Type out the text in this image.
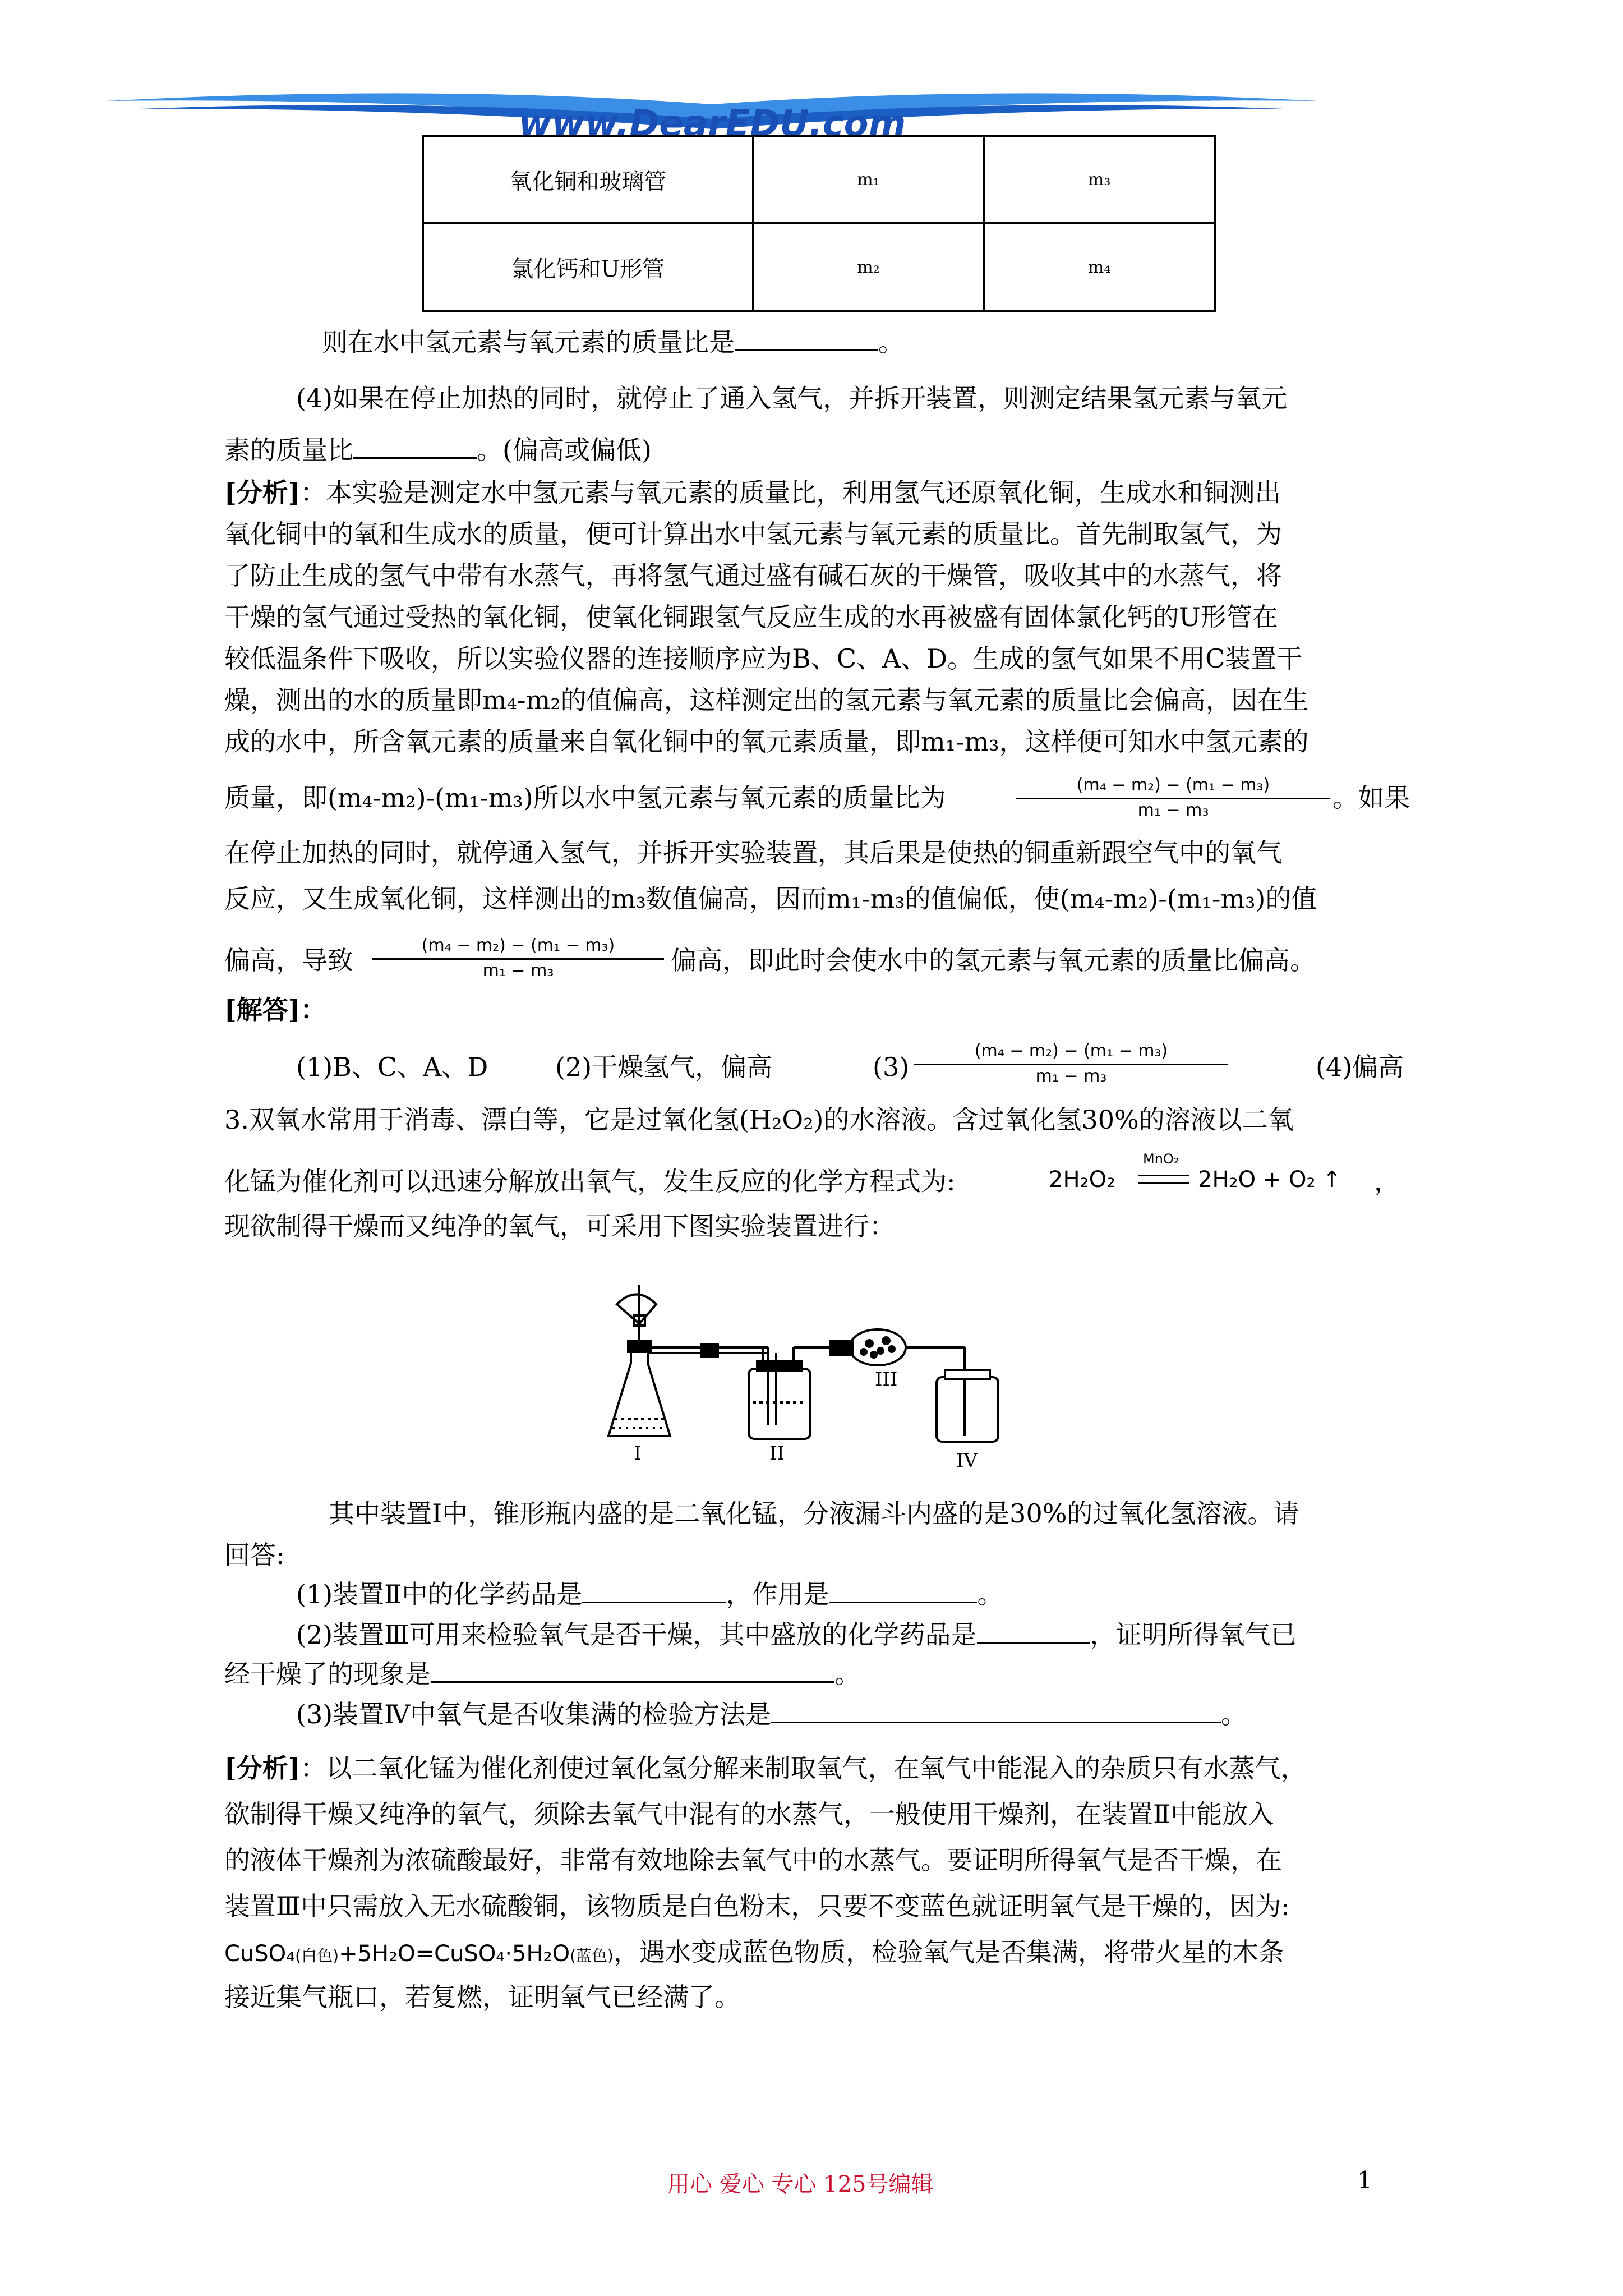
www.DearEDU.com
氧化铜和玻璃管	m₁	m₃
氯化钙和U形管	m₂	m₄
则在水中氢元素与氧元素的质量比是	。
(4)如果在停止加热的同时，就停止了通入氢气，并拆开装置，则测定结果氢元素与氧元
素的质量比	。(偏高或偏低)
[分析]：本实验是测定水中氢元素与氧元素的质量比，利用氢气还原氧化铜，生成水和铜测出
氧化铜中的氧和生成水的质量，便可计算出水中氢元素与氧元素的质量比。首先制取氢气，为
了防止生成的氢气中带有水蒸气，再将氢气通过盛有碱石灰的干燥管，吸收其中的水蒸气，将
干燥的氢气通过受热的氧化铜，使氧化铜跟氢气反应生成的水再被盛有固体氯化钙的U形管在
较低温条件下吸收，所以实验仪器的连接顺序应为B、C、A、D。生成的氢气如果不用C装置干
燥，测出的水的质量即m₄-m₂的值偏高，这样测定出的氢元素与氧元素的质量比会偏高，因在生
成的水中，所含氧元素的质量来自氧化铜中的氧元素质量，即m₁-m₃，这样便可知水中氢元素的
质量，即(m₄-m₂)-(m₁-m₃)所以水中氢元素与氧元素的质量比为	$\frac{\text{(m₄ − m₂) − (m₁ − m₃)}}{\text{m₁ − m₃}}$ 。如果
在停止加热的同时，就停通入氢气，并拆开实验装置，其后果是使热的铜重新跟空气中的氧气
反应，又生成氧化铜，这样测出的m₃数值偏高，因而m₁-m₃的值偏低，使(m₄-m₂)-(m₁-m₃)的值
偏高，导致 $\frac{\text{(m₄ − m₂) − (m₁ − m₃)}}{\text{m₁ − m₃}}$ 偏高，即此时会使水中的氢元素与氧元素的质量比偏高。
[解答]：
(1)B、C、A、D	(2)干燥氢气，偏高	$(3) \frac{\text{(m₄ − m₂) − (m₁ − m₃)}}{\text{m₁ − m₃}}$	(4)偏高
3.双氧水常用于消毒、漂白等，它是过氧化氢(H₂O₂)的水溶液。含过氧化氢30%的溶液以二氧
化锰为催化剂可以迅速分解放出氧气，发生反应的化学方程式为:	2H₂O₂
MnO₂
2H₂O + O₂ ↑ ，
现欲制得干燥而又纯净的氧气，可采用下图实验装置进行：
I	II
III
IV
其中装置Ⅰ中，锥形瓶内盛的是二氧化锰，分液漏斗内盛的是30%的过氧化氢溶液。请
回答:
(1)装置Ⅱ中的化学药品是	，作用是	。
(2)装置Ⅲ可用来检验氧气是否干燥，其中盛放的化学药品是	，证明所得氧气已
经干燥了的现象是	。
(3)装置Ⅳ中氧气是否收集满的检验方法是	。
[分析]：以二氧化锰为催化剂使过氧化氢分解来制取氧气，在氧气中能混入的杂质只有水蒸气，
欲制得干燥又纯净的氧气，须除去氧气中混有的水蒸气，一般使用干燥剂，在装置Ⅱ中能放入
的液体干燥剂为浓硫酸最好，非常有效地除去氧气中的水蒸气。要证明所得氧气是否干燥，在
装置Ⅲ中只需放入无水硫酸铜，该物质是白色粉末，只要不变蓝色就证明氧气是干燥的，因为:
CuSO₄(白色)+5H₂O=CuSO₄·5H₂O(蓝色)，遇水变成蓝色物质，检验氧气是否集满，将带火星的木条
接近集气瓶口，若复燃，证明氧气已经满了。
用心 爱心 专心 125号编辑	1
